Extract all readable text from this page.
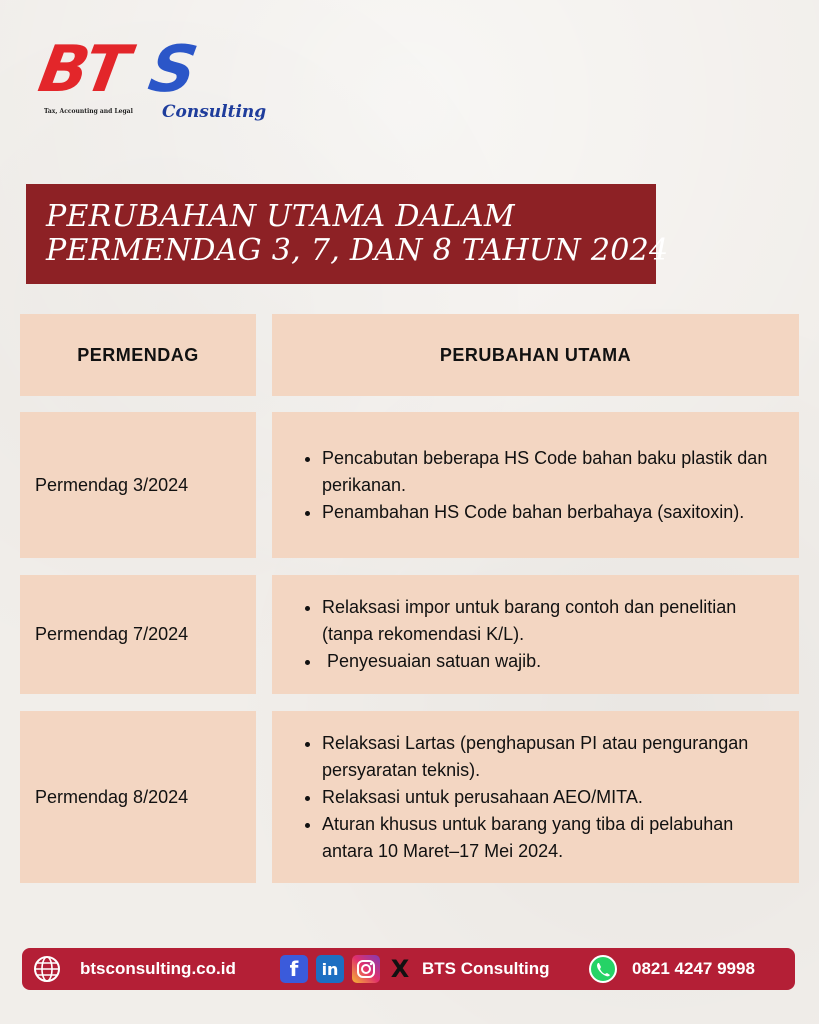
BT S
Tax, Accounting and Legal Consulting
PERUBAHAN UTAMA DALAM
PERMENDAG 3, 7, DAN 8 TAHUN 2024
PERMENDAG	PERUBAHAN UTAMA
Permendag 3/2024
• Pencabutan beberapa HS Code bahan baku plastik dan perikanan.
• Penambahan HS Code bahan berbahaya (saxitoxin).
Permendag 7/2024
• Relaksasi impor untuk barang contoh dan penelitian (tanpa rekomendasi K/L).
•  Penyesuaian satuan wajib.
Permendag 8/2024
• Relaksasi Lartas (penghapusan PI atau pengurangan persyaratan teknis).
• Relaksasi untuk perusahaan AEO/MITA.
• Aturan khusus untuk barang yang tiba di pelabuhan antara 10 Maret–17 Mei 2024.
btsconsulting.co.id	f	in X BTS Consulting	0821 4247 9998
